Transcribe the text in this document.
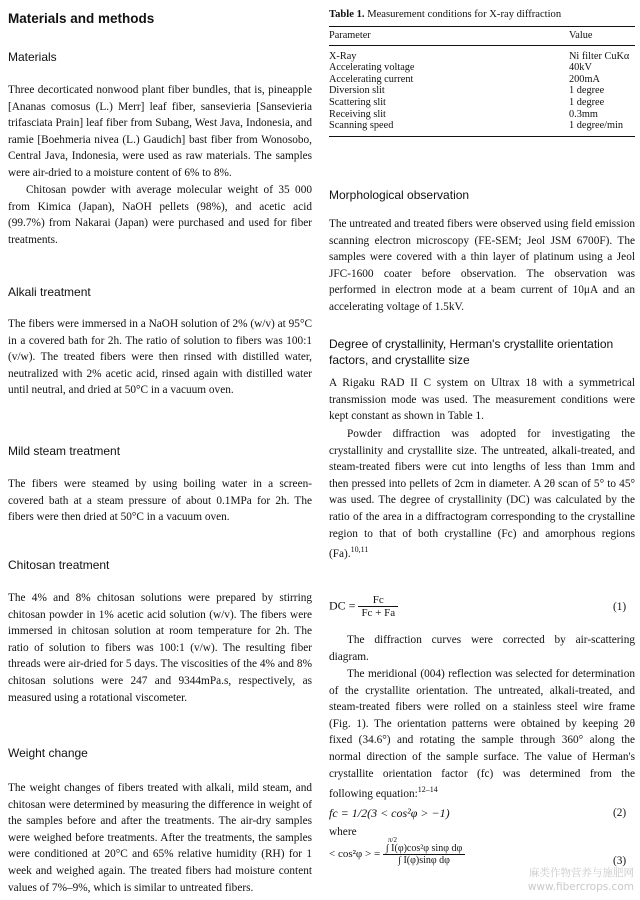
Materials and methods
Materials

Three decorticated nonwood plant fiber bundles, that is, pineapple [Ananas comosus (L.) Merr] leaf fiber, sansevieria [Sansevieria trifasciata Prain] leaf fiber from Subang, West Java, Indonesia, and ramie [Boehmeria nivea (L.) Gaudich] bast fiber from Wonosobo, Central Java, Indonesia, were used as raw materials. The samples were air-dried to a moisture content of 6% to 8%.

Chitosan powder with average molecular weight of 35 000 from Kimica (Japan), NaOH pellets (98%), and acetic acid (99.7%) from Nakarai (Japan) were purchased and used for fiber treatments.

Alkali treatment

The fibers were immersed in a NaOH solution of 2% (w/v) at 95°C in a covered bath for 2h. The ratio of solution to fibers was 100:1 (v/w). The treated fibers were then rinsed with distilled water, neutralized with 2% acetic acid, rinsed again with distilled water until neutral, and dried at 50°C in a vacuum oven.

Mild steam treatment

The fibers were steamed by using boiling water in a screen-covered bath at a steam pressure of about 0.1MPa for 2h. The fibers were then dried at 50°C in a vacuum oven.

Chitosan treatment

The 4% and 8% chitosan solutions were prepared by stirring chitosan powder in 1% acetic acid solution (w/v). The fibers were immersed in chitosan solution at room temperature for 2h. The ratio of solution to fibers was 100:1 (v/w). The resulting fiber threads were air-dried for 5 days. The viscosities of the 4% and 8% chitosan solutions were 247 and 9344mPa.s, respectively, as measured using a rotational viscometer.

Weight change

The weight changes of fibers treated with alkali, mild steam, and chitosan were determined by measuring the difference in weight of the samples before and after the treatments. The air-dry samples were weighed before treatments. After the treatments, the samples were conditioned at 20°C and 65% relative humidity (RH) for 1 week and weighed again. The treated fibers had moisture content values of 7%–9%, which is similar to untreated fibers.

Table 1. Measurement conditions for X-ray diffraction
Parameter	Value
X-Ray	Ni filter CuKα
Accelerating voltage	40kV
Accelerating current	200mA
Diversion slit	1 degree
Scattering slit	1 degree
Receiving slit	0.3mm
Scanning speed	1 degree/min
Morphological observation

The untreated and treated fibers were observed using field emission scanning electron microscopy (FE-SEM; Jeol JSM 6700F). The samples were covered with a thin layer of platinum using a Jeol JFC-1600 coater before observation. The observation was performed in electron mode at a beam current of 10μA and an accelerating voltage of 1.5kV.

Degree of crystallinity, Herman's crystallite orientation factors, and crystallite size

A Rigaku RAD II C system on Ultrax 18 with a symmetrical transmission mode was used. The measurement conditions were kept constant as shown in Table 1.

Powder diffraction was adopted for investigating the crystallinity and crystallite size. The untreated, alkali-treated, and steam-treated fibers were cut into lengths of less than 1mm and then pressed into pellets of 2cm in diameter. A 2θ scan of 5° to 45° was used. The degree of crystallinity (DC) was calculated by the ratio of the area in a diffractogram corresponding to the crystalline region to that of both crystalline (Fc) and amorphous regions (Fa).$^{10,11}$

DC = $\frac{Fc}{Fc + Fa}$	(1)

The diffraction curves were corrected by air-scattering diagram.

The meridional (004) reflection was selected for determination of the crystallite orientation. The untreated, alkali-treated, and steam-treated fibers were rolled on a stainless steel wire frame (Fig. 1). The orientation patterns were obtained by keeping 2θ fixed (34.6°) and rotating the sample through 360° along the normal direction of the sample surface. The value of Herman's crystallite orientation factor (fc) was determined from the following equation:$^{12-14}$

fc = 1/2(3 < cos²φ > −1)	(2)
where
< cos²φ > = $\frac{\text{∫ I(φ)cos²φ sinφ dφ}}{\text{∫ I(φ)sinφ dφ}}$
π/2
(3)
麻类作物营养与施肥网
www.fibercrops.com
